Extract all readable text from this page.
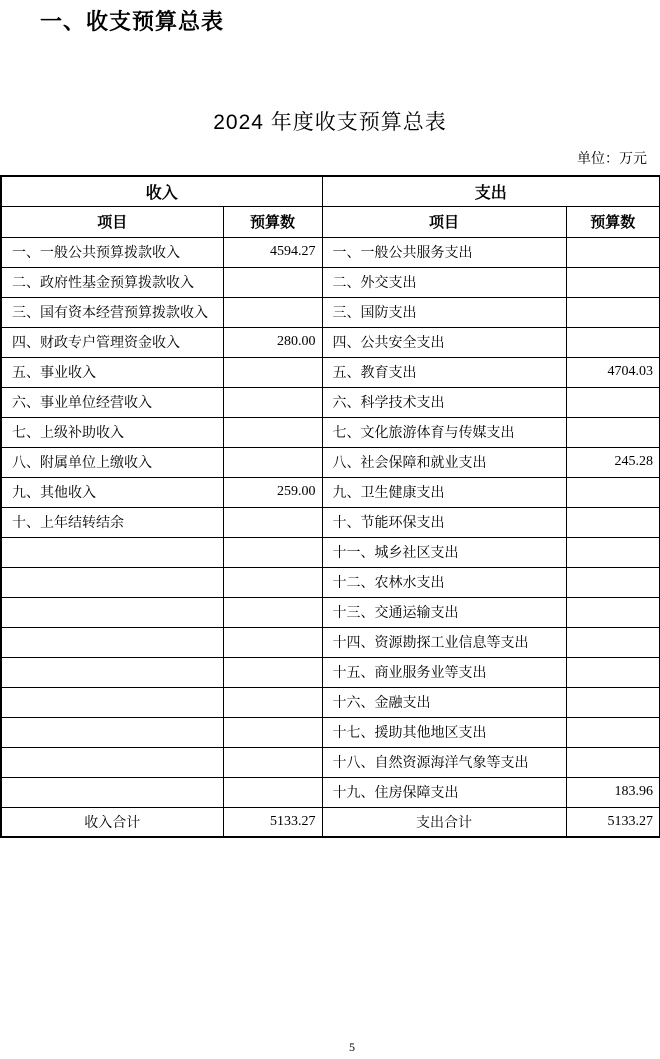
一、收支预算总表
2024 年度收支预算总表
单位：万元
收入		支出	
项目	预算数	项目	预算数
一、一般公共预算拨款收入	4594.27	一、一般公共服务支出	
二、政府性基金预算拨款收入		二、外交支出	
三、国有资本经营预算拨款收入		三、国防支出	
四、财政专户管理资金收入	280.00	四、公共安全支出	
五、事业收入		五、教育支出	4704.03
六、事业单位经营收入		六、科学技术支出	
七、上级补助收入		七、文化旅游体育与传媒支出	
八、附属单位上缴收入		八、社会保障和就业支出	245.28
九、其他收入	259.00	九、卫生健康支出	
十、上年结转结余		十、节能环保支出	
		十一、城乡社区支出	
		十二、农林水支出	
		十三、交通运输支出	
		十四、资源勘探工业信息等支出	
		十五、商业服务业等支出	
		十六、金融支出	
		十七、援助其他地区支出	
		十八、自然资源海洋气象等支出	
		十九、住房保障支出	183.96
收入合计	5133.27	支出合计	5133.27
5
